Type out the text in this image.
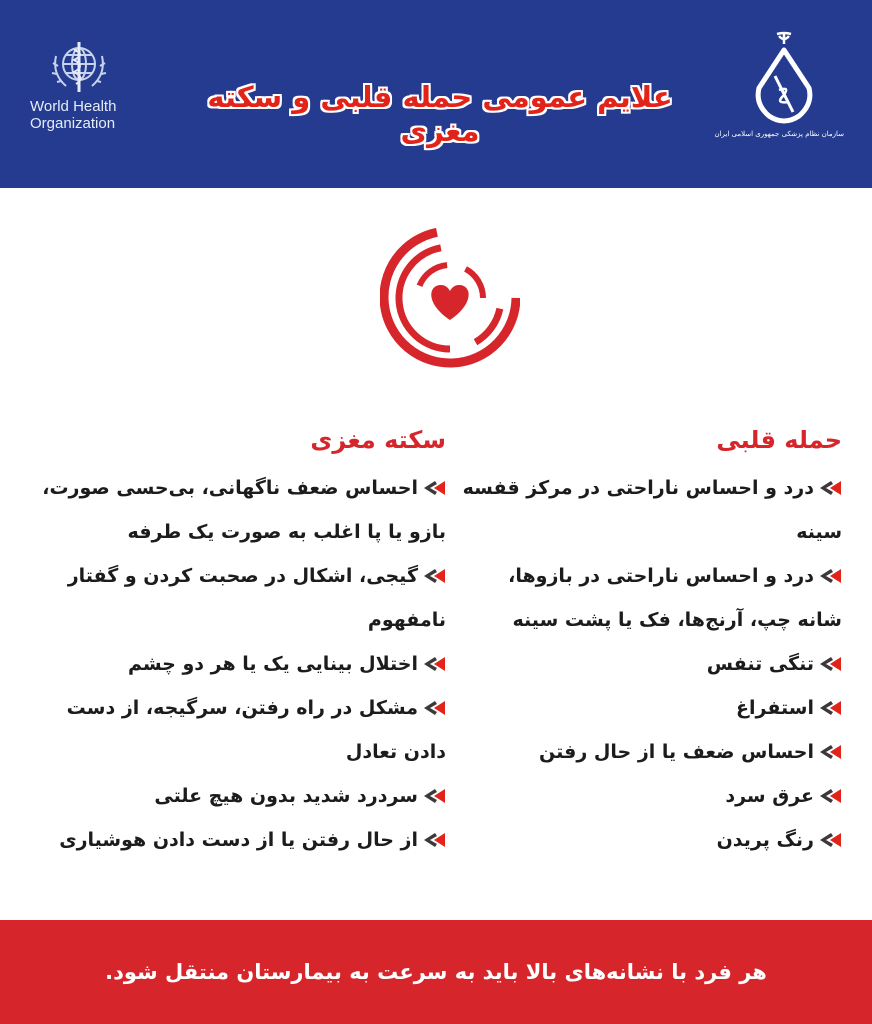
World Health
Organization
علایم عمومی حمله قلبی و سکته مغزی	سازمان نظام پزشکی جمهوری اسلامی ایران
حمله قلبی
درد و احساس ناراحتی در مرکز قفسه سینه
درد و احساس ناراحتی در بازوها، شانه چپ، آرنج‌ها، فک یا پشت سینه
تنگی تنفس
استفراغ
احساس ضعف یا از حال رفتن
عرق سرد
رنگ پریدن
سکته مغزی
احساس ضعف ناگهانی، بی‌حسی صورت، بازو یا پا اغلب به صورت یک طرفه
گیجی، اشکال در صحبت کردن و گفتار نامفهوم
اختلال بینایی یک یا هر دو چشم
مشکل در راه رفتن، سرگیجه، از دست دادن تعادل
سردرد شدید بدون هیچ علتی
از حال رفتن یا از دست دادن هوشیاری
هر فرد با نشانه‌های بالا باید به سرعت به بیمارستان منتقل شود.
